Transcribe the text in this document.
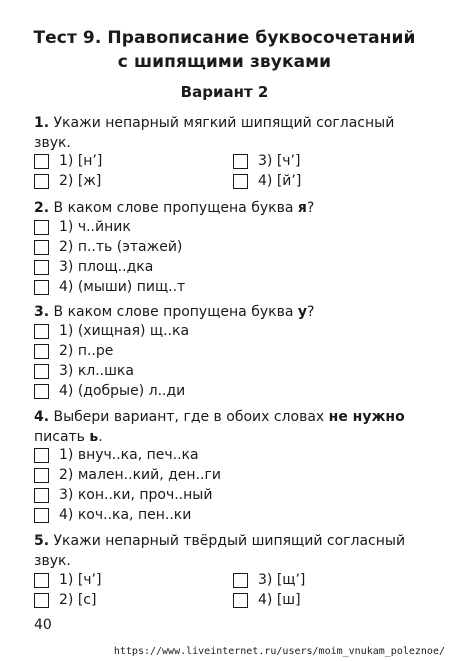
Тест 9. Правописание буквосочетаний
с шипящими звуками
Вариант 2
1. Укажи непарный мягкий шипящий согласный звук.
1) [н’]
2) [ж]
3) [ч’]
4) [й’]
2. В каком слове пропущена буква я?
1) ч..йник
2) п..ть (этажей)
3) площ..дка
4) (мыши) пищ..т
3. В каком слове пропущена буква у?
1) (хищная) щ..ка
2) п..ре
3) кл..шка
4) (добрые) л..ди
4. Выбери вариант, где в обоих словах не нужно писать ь.
1) внуч..ка, печ..ка
2) мален..кий, ден..ги
3) кон..ки, проч..ный
4) коч..ка, пен..ки
5. Укажи непарный твёрдый шипящий согласный звук.
1) [ч’]
2) [с]
3) [щ’]
4) [ш]
40
https://www.liveinternet.ru/users/moim_vnukam_poleznoe/
